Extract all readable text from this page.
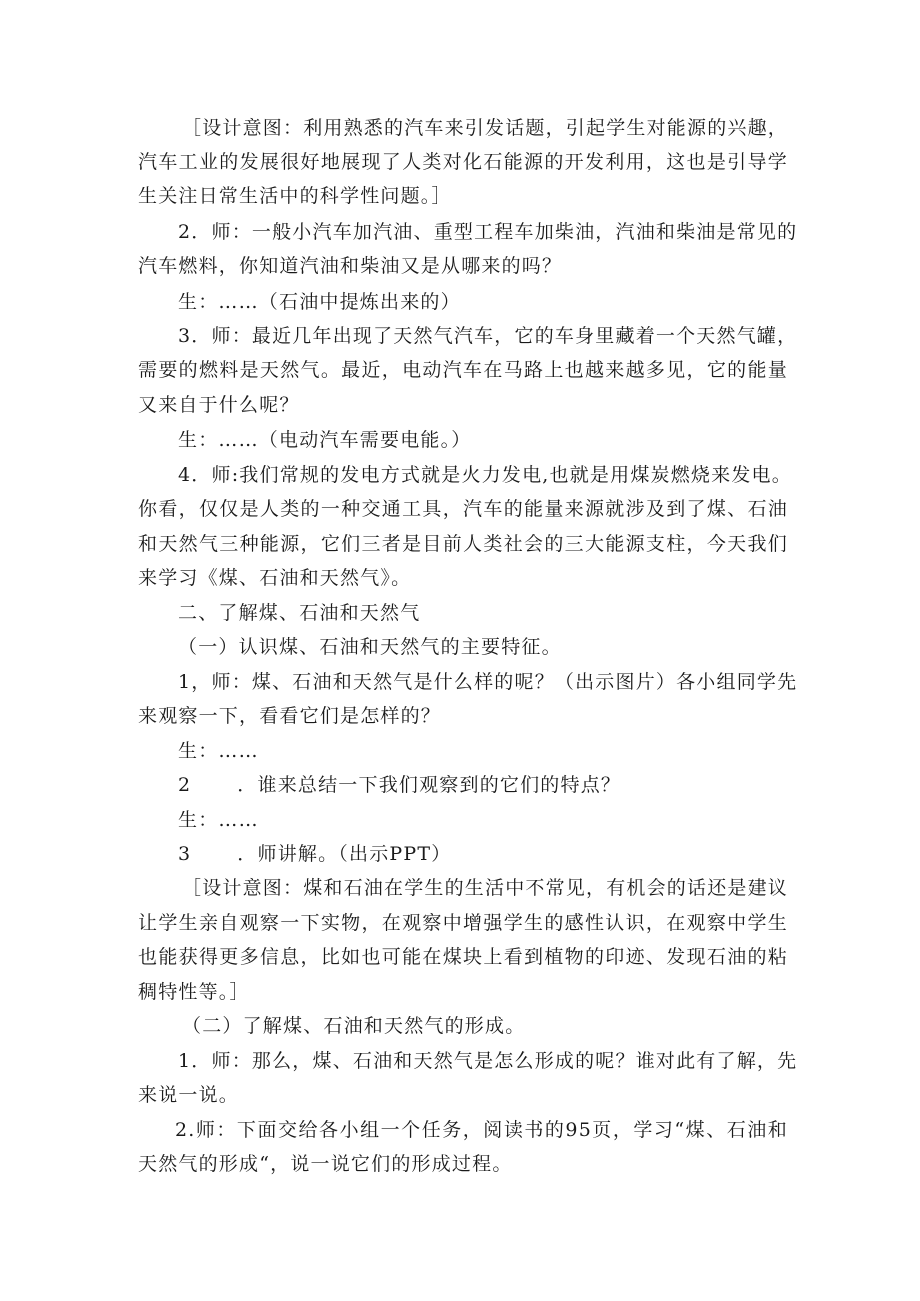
［设计意图：利用熟悉的汽车来引发话题，引起学生对能源的兴趣，
汽车工业的发展很好地展现了人类对化石能源的开发利用，这也是引导学
生关注日常生活中的科学性问题。］
2．师：一般小汽车加汽油、重型工程车加柴油，汽油和柴油是常见的
汽车燃料，你知道汽油和柴油又是从哪来的吗？
生：……（石油中提炼出来的）
3．师：最近几年出现了天然气汽车，它的车身里藏着一个天然气罐，
需要的燃料是天然气。最近，电动汽车在马路上也越来越多见，它的能量
又来自于什么呢？
生：……（电动汽车需要电能。）
4．师:我们常规的发电方式就是火力发电,也就是用煤炭燃烧来发电。
你看，仅仅是人类的一种交通工具，汽车的能量来源就涉及到了煤、石油
和天然气三种能源，它们三者是目前人类社会的三大能源支柱，今天我们
来学习《煤、石油和天然气》。
二、了解煤、石油和天然气
（一）认识煤、石油和天然气的主要特征。
1，师：煤、石油和天然气是什么样的呢？（出示图片）各小组同学先
来观察一下，看看它们是怎样的？
生：……
2 ．谁来总结一下我们观察到的它们的特点？
生：……
3 ．师讲解。（出示PPT）
［设计意图：煤和石油在学生的生活中不常见，有机会的话还是建议
让学生亲自观察一下实物，在观察中增强学生的感性认识，在观察中学生
也能获得更多信息，比如也可能在煤块上看到植物的印迹、发现石油的粘
稠特性等。］
（二）了解煤、石油和天然气的形成。
1．师：那么，煤、石油和天然气是怎么形成的呢？谁对此有了解，先
来说一说。
2.师：下面交给各小组一个任务，阅读书的95页，学习“煤、石油和
天然气的形成“，说一说它们的形成过程。
